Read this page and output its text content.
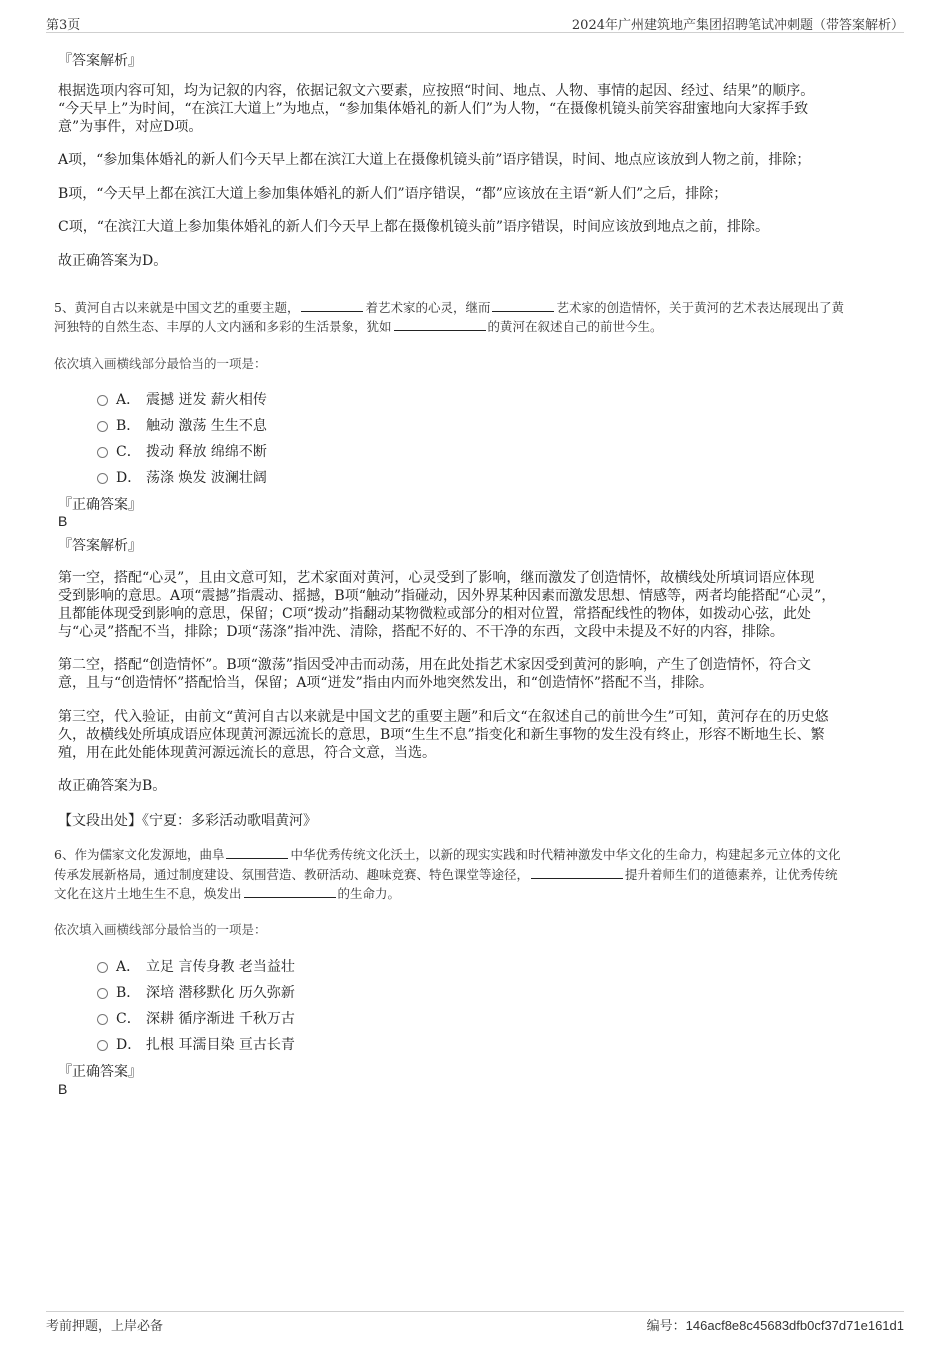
第3页	2024年广州建筑地产集团招聘笔试冲刺题（带答案解析）
『答案解析』
根据选项内容可知，均为记叙的内容，依据记叙文六要素，应按照“时间、地点、人物、事情的起因、经过、结果”的顺序。
“今天早上”为时间，“在滨江大道上”为地点，“参加集体婚礼的新人们”为人物，“在摄像机镜头前笑容甜蜜地向大家挥手致
意”为事件，对应D项。
A项，“参加集体婚礼的新人们今天早上都在滨江大道上在摄像机镜头前”语序错误，时间、地点应该放到人物之前，排除；
B项，“今天早上都在滨江大道上参加集体婚礼的新人们”语序错误，“都”应该放在主语“新人们”之后，排除；
C项，“在滨江大道上参加集体婚礼的新人们今天早上都在摄像机镜头前”语序错误，时间应该放到地点之前，排除。
故正确答案为D。
5、黄河自古以来就是中国文艺的重要主题，	着艺术家的心灵，继而	艺术家的创造情怀，关于黄河的艺术表达展现出了黄
河独特的自然生态、丰厚的人文内涵和多彩的生活景象，犹如	的黄河在叙述自己的前世今生。
依次填入画横线部分最恰当的一项是：
A． 震撼 迸发 薪火相传
B． 触动 激荡 生生不息
C． 拨动 释放 绵绵不断
D． 荡涤 焕发 波澜壮阔
『正确答案』
B
『答案解析』
第一空，搭配“心灵”，且由文意可知，艺术家面对黄河，心灵受到了影响，继而激发了创造情怀，故横线处所填词语应体现
受到影响的意思。A项“震撼”指震动、摇撼，B项“触动”指碰动，因外界某种因素而激发思想、情感等，两者均能搭配“心灵”，
且都能体现受到影响的意思，保留；C项“拨动”指翻动某物微粒或部分的相对位置，常搭配线性的物体，如拨动心弦，此处
与“心灵”搭配不当，排除；D项“荡涤”指冲洗、清除，搭配不好的、不干净的东西，文段中未提及不好的内容，排除。
第二空，搭配“创造情怀”。B项“激荡”指因受冲击而动荡，用在此处指艺术家因受到黄河的影响，产生了创造情怀，符合文
意，且与“创造情怀”搭配恰当，保留；A项“迸发”指由内而外地突然发出，和“创造情怀”搭配不当，排除。
第三空，代入验证，由前文“黄河自古以来就是中国文艺的重要主题”和后文“在叙述自己的前世今生”可知，黄河存在的历史悠
久，故横线处所填成语应体现黄河源远流长的意思，B项“生生不息”指变化和新生事物的发生没有终止，形容不断地生长、繁
殖，用在此处能体现黄河源远流长的意思，符合文意，当选。
故正确答案为B。
【文段出处】《宁夏：多彩活动歌唱黄河》
6、作为儒家文化发源地，曲阜	中华优秀传统文化沃土，以新的现实实践和时代精神激发中华文化的生命力，构建起多元立体的文化
传承发展新格局，通过制度建设、氛围营造、教研活动、趣味竞赛、特色课堂等途径，	提升着师生们的道德素养，让优秀传统
文化在这片土地生生不息，焕发出	的生命力。
依次填入画横线部分最恰当的一项是：
A． 立足 言传身教 老当益壮
B． 深培 潜移默化 历久弥新
C． 深耕 循序渐进 千秋万古
D． 扎根 耳濡目染 亘古长青
『正确答案』
B
考前押题，上岸必备	编号：146acf8e8c45683dfb0cf37d71e161d1
